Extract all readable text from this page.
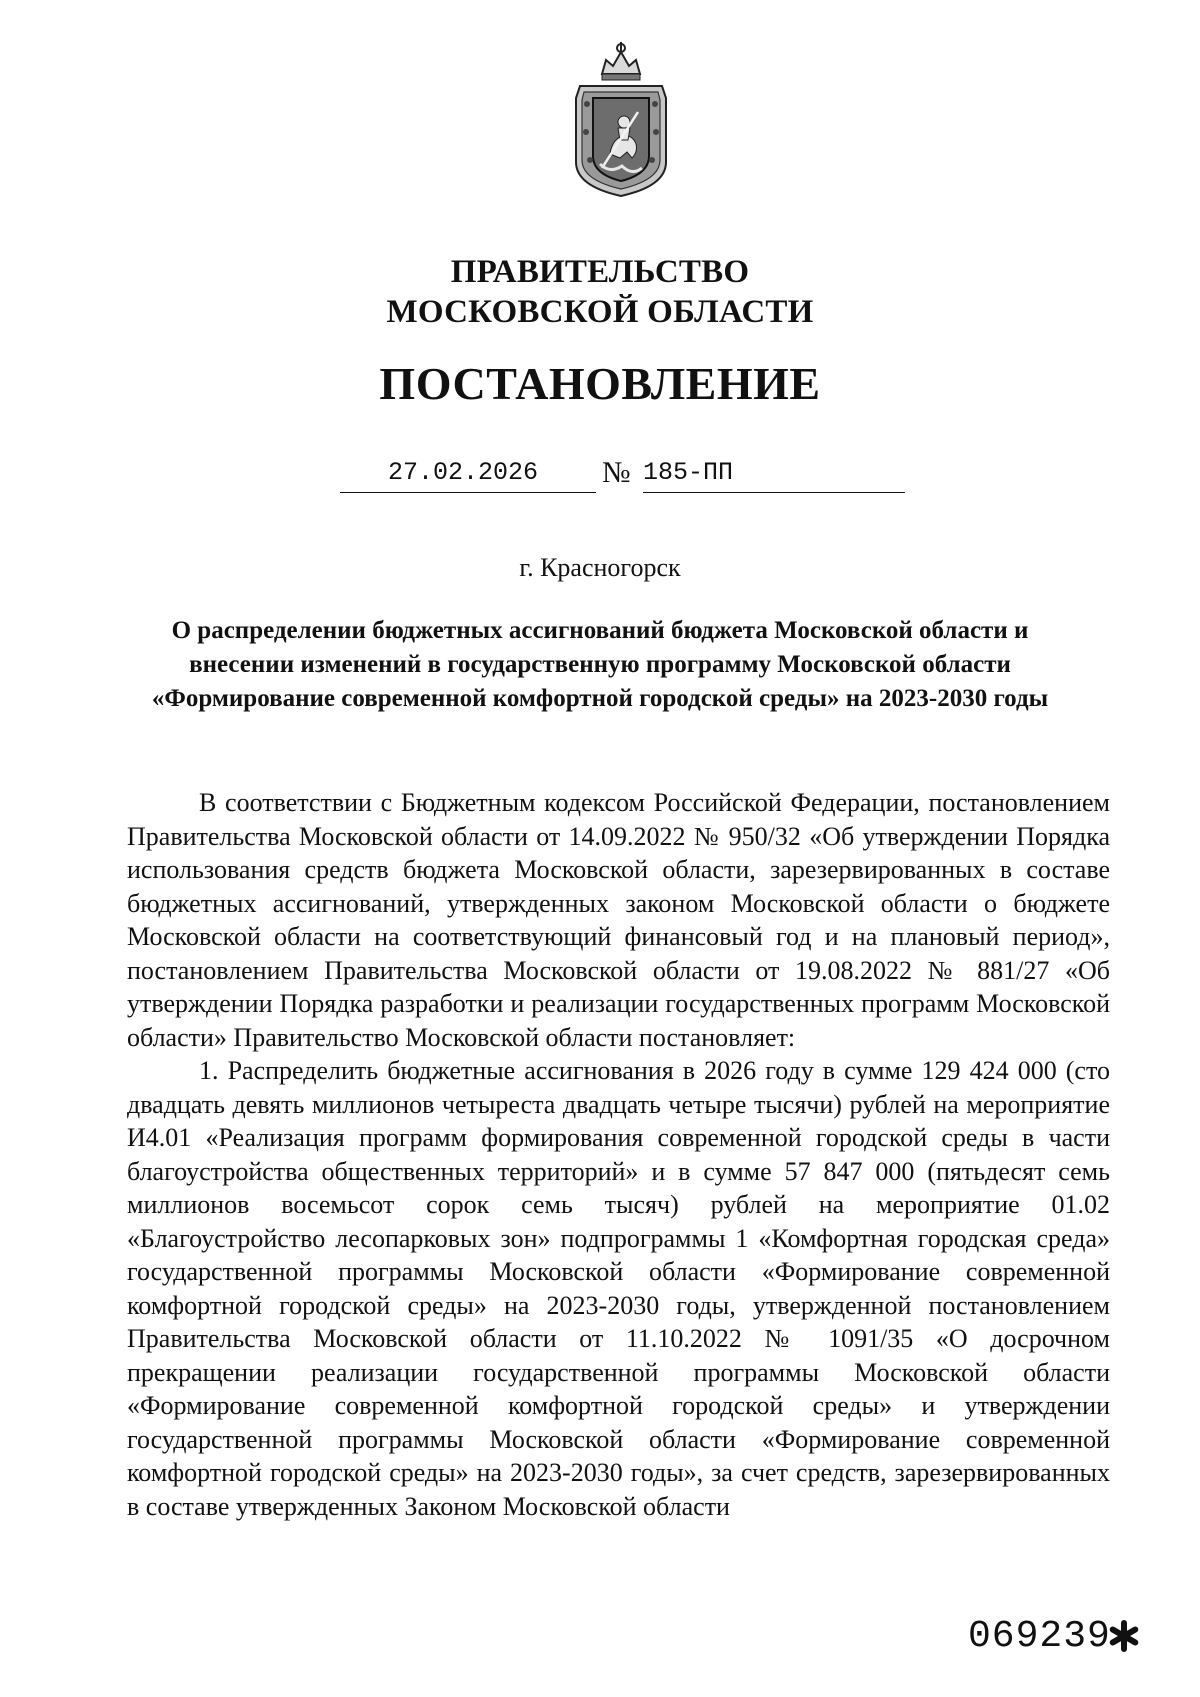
ПРАВИТЕЛЬСТВО
МОСКОВСКОЙ ОБЛАСТИ
ПОСТАНОВЛЕНИЕ
27.02.2026 № 185-ПП
г. Красногорск
О распределении бюджетных ассигнований бюджета Московской области и внесении изменений в государственную программу Московской области «Формирование современной комфортной городской среды» на 2023-2030 годы

В соответствии с Бюджетным кодексом Российской Федерации, постановлением Правительства Московской области от 14.09.2022 № 950/32 «Об утверждении Порядка использования средств бюджета Московской области, зарезервированных в составе бюджетных ассигнований, утвержденных законом Московской области о бюджете Московской области на соответствующий финансовый год и на плановый период», постановлением Правительства Московской области от 19.08.2022 № 881/27 «Об утверждении Порядка разработки и реализации государственных программ Московской области» Правительство Московской области постановляет:

1. Распределить бюджетные ассигнования в 2026 году в сумме 129 424 000 (сто двадцать девять миллионов четыреста двадцать четыре тысячи) рублей на мероприятие И4.01 «Реализация программ формирования современной городской среды в части благоустройства общественных территорий» и в сумме 57 847 000 (пятьдесят семь миллионов восемьсот сорок семь тысяч) рублей на мероприятие 01.02 «Благоустройство лесопарковых зон» подпрограммы 1 «Комфортная городская среда» государственной программы Московской области «Формирование современной комфортной городской среды» на 2023-2030 годы, утвержденной постановлением Правительства Московской области от 11.10.2022 № 1091/35 «О досрочном прекращении реализации государственной программы Московской области «Формирование современной комфортной городской среды» и утверждении государственной программы Московской области «Формирование современной комфортной городской среды» на 2023-2030 годы», за счет средств, зарезервированных в составе утвержденных Законом Московской области

069239
